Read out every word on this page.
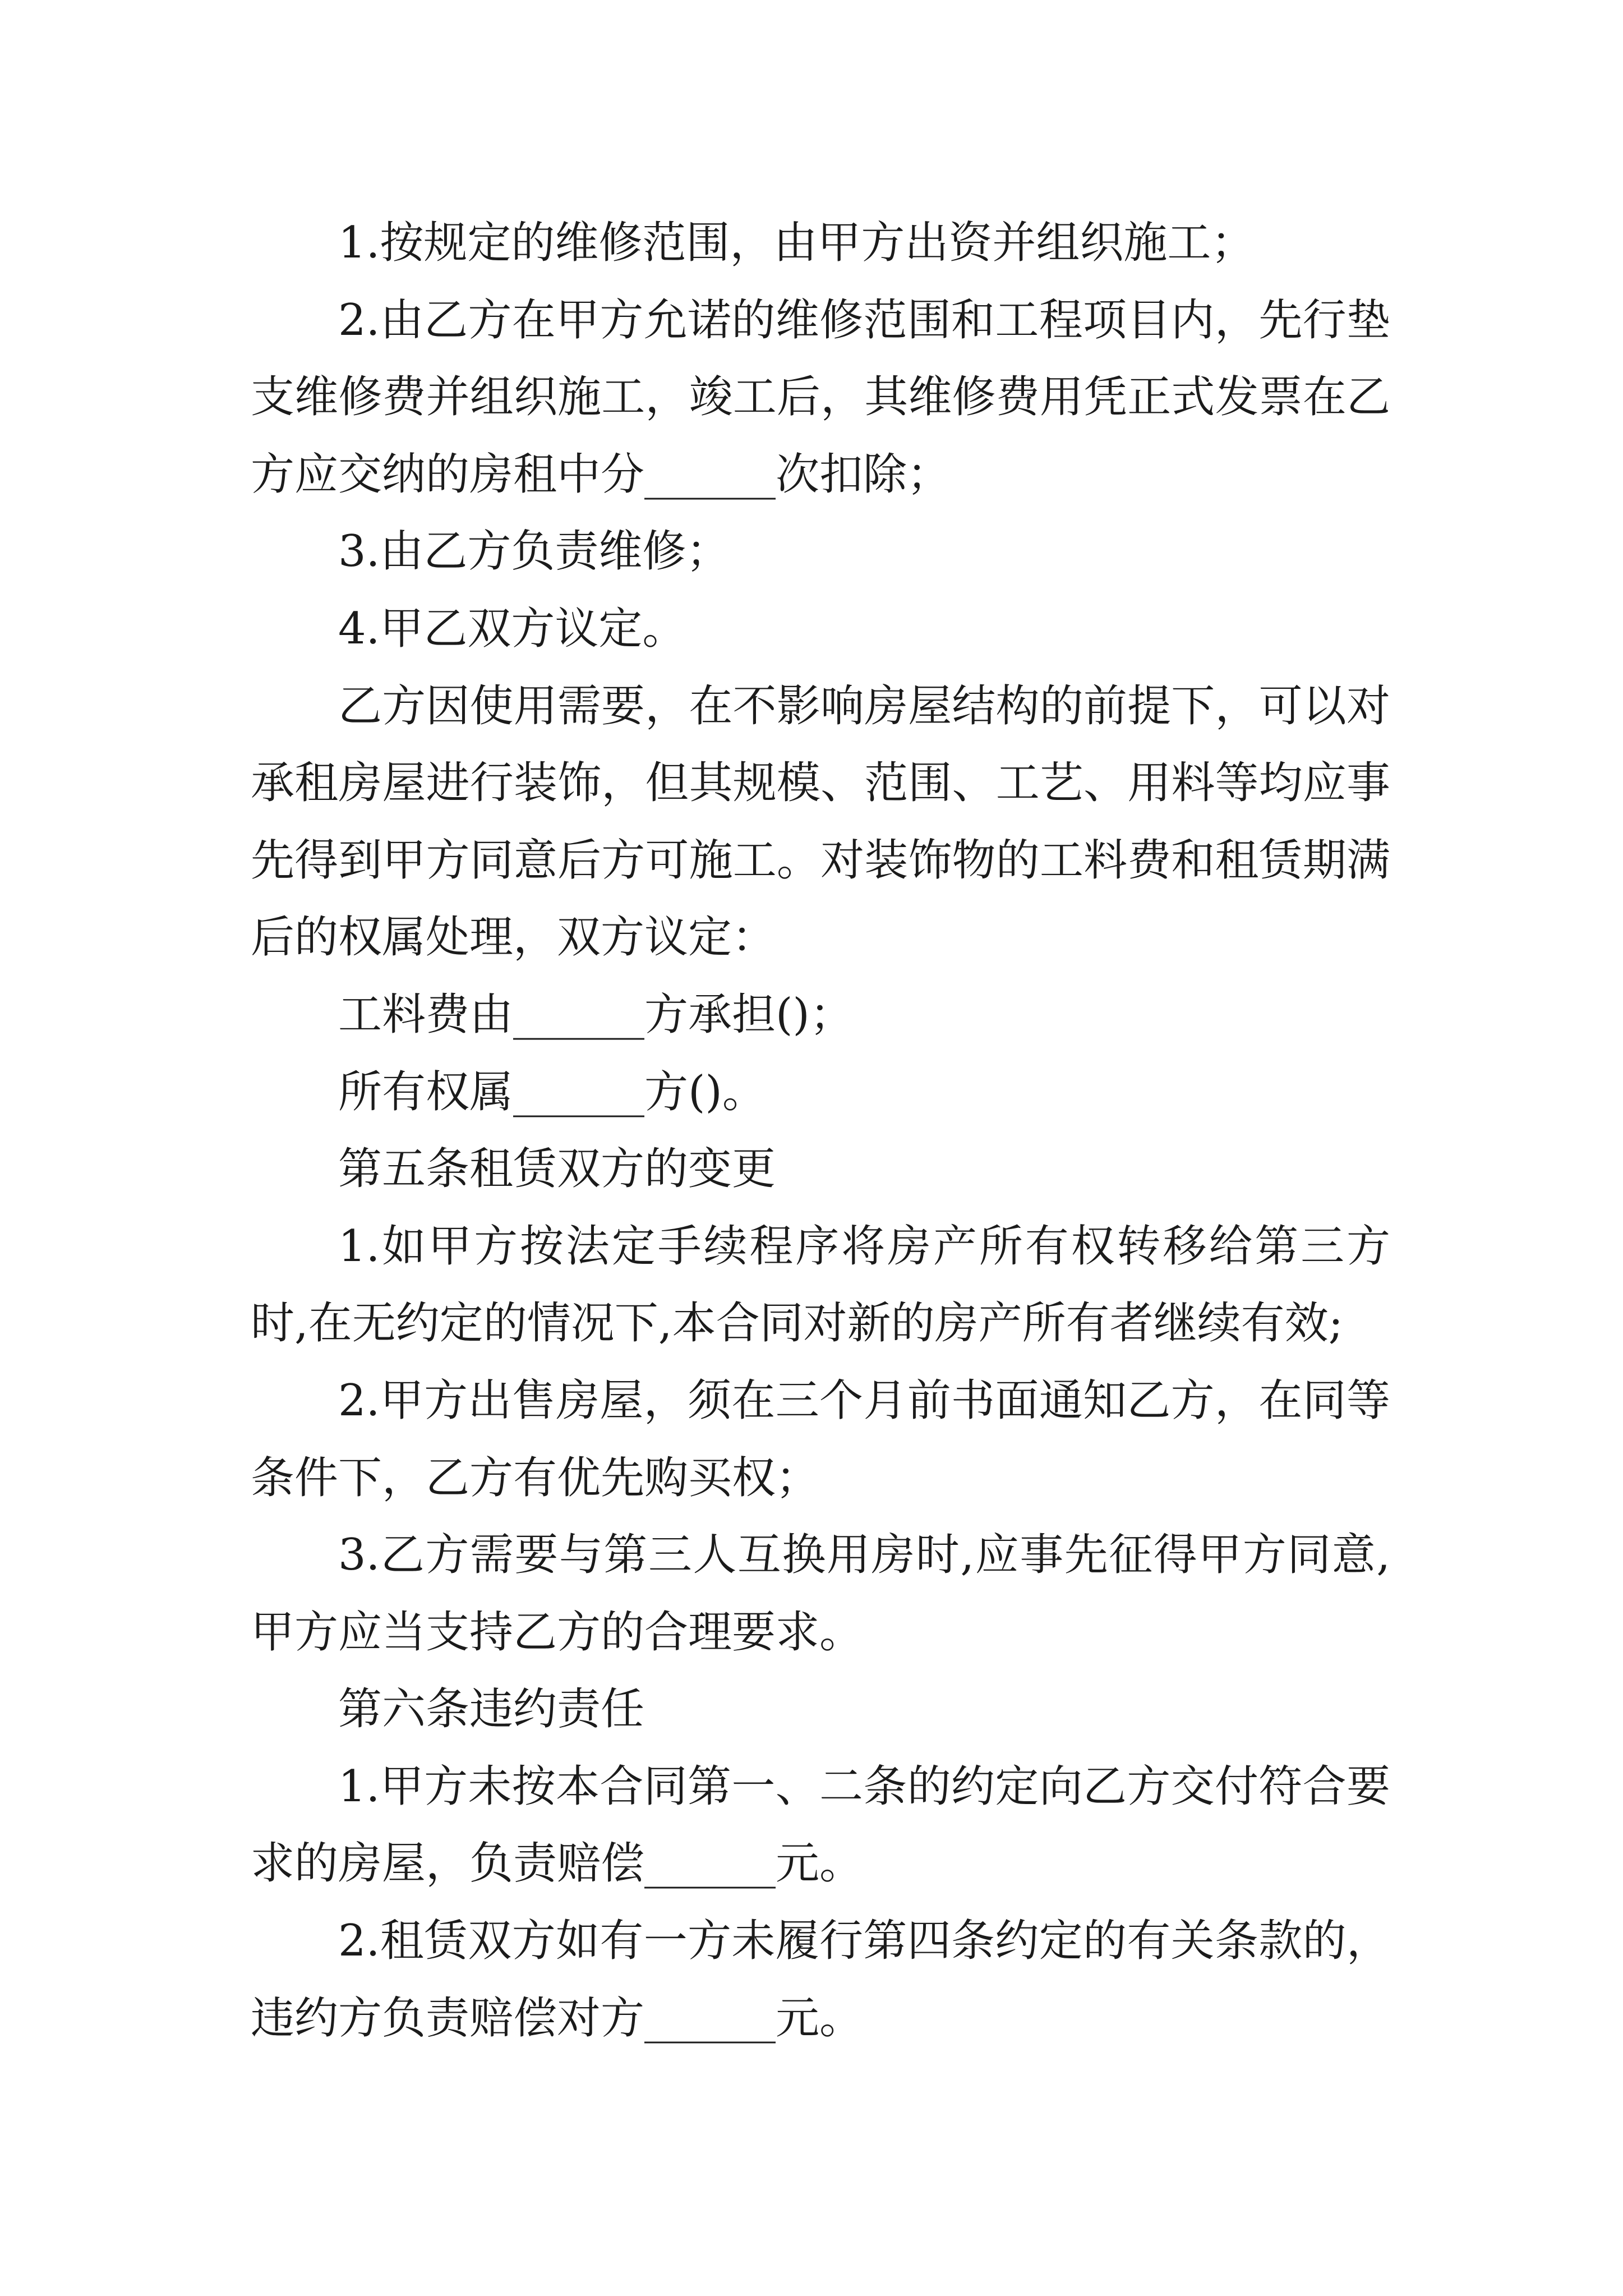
1.按规定的维修范围，由甲方出资并组织施工；
2.由乙方在甲方允诺的维修范围和工程项目内，先行垫
支维修费并组织施工，竣工后，其维修费用凭正式发票在乙
方应交纳的房租中分______次扣除；
3.由乙方负责维修；
4.甲乙双方议定。
乙方因使用需要，在不影响房屋结构的前提下，可以对
承租房屋进行装饰，但其规模、范围、工艺、用料等均应事
先得到甲方同意后方可施工。对装饰物的工料费和租赁期满
后的权属处理，双方议定：
工料费由______方承担()；
所有权属______方()。
第五条租赁双方的变更
1.如甲方按法定手续程序将房产所有权转移给第三方
时,在无约定的情况下,本合同对新的房产所有者继续有效;
2.甲方出售房屋，须在三个月前书面通知乙方，在同等
条件下，乙方有优先购买权；
3.乙方需要与第三人互换用房时,应事先征得甲方同意,
甲方应当支持乙方的合理要求。
第六条违约责任
1.甲方未按本合同第一、二条的约定向乙方交付符合要
求的房屋，负责赔偿______元。
2.租赁双方如有一方未履行第四条约定的有关条款的，
违约方负责赔偿对方______元。
